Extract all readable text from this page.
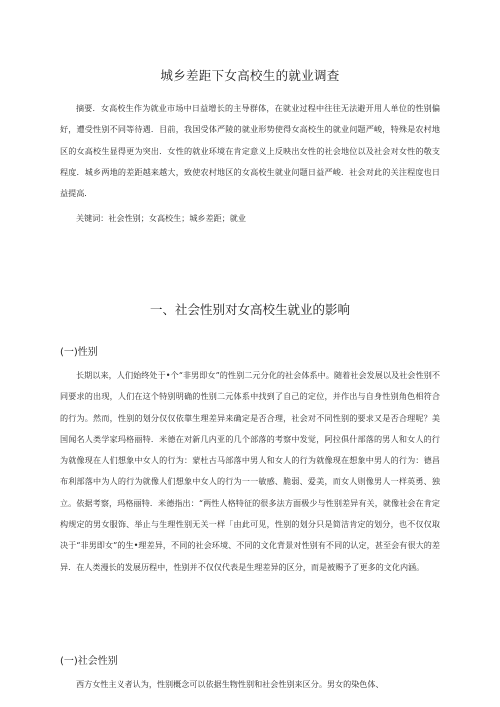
城乡差距下女高校生的就业调查

摘要．女高校生作为就业市场中日益增长的主导群体，在就业过程中往往无法避开用人单位的性别偏好，遭受性别不同等待遇．目前，我国受体严陵的就业形势使得女高校生的就业问题严峻，特殊是农村地区的女高校生显得更为突出．女性的就业环境在肯定意义上反映出女性的社会地位以及社会对女性的敬支程度．城乡两地的差距越来越大，致使农村地区的女高校生就业问题日益严峻．社会对此的关注程度也日益提高．

关键词：社会性别；女高校生；城乡差距；就业

一、社会性别对女高校生就业的影响
(一)性别

长期以来，人们始终处于•个“非男即女”的性别二元分化的社会体系中。随着社会发展以及社会性别不同要求的出现，人们在这个特别明确的性别二元体系中找到了自己的定位，并作出与自身性别角色相符合的行为。然而，性别的划分仅仅依靠生理差异来确定是否合理，社会对不同性别的要求又是否合理呢？美国闻名人类学家玛格丽特．米德在对新几内亚的几个部落的考察中发觉，阿拉俱什部落的男人和女人的行为就像现在人们想象中女人的行为：蒙杜古马部落中男人和女人的行为就像现在想象中男人的行为：德昌布利部落中为人的行为就像人们想象中女人的行为一一敏感、脆弱、爱美，而女人则像男人一样英勇、独立。依据考察，玛格丽特．米德指出：“两性人格特征的很多法方面极少与性别差异有关，就像社会在肯定构规定的男女服饰、举止与生理性别无关一样「由此可见，性别的划分只是简洁肯定的划分，也不仅仅取决于“非男即女”的生•理差异，不同的社会环境、不同的文化背景对性别有不同的认定，甚至会有很大的差异．在人类漫长的发展历程中，性别并不仅仅代表是生理差异的区分，而是被赐予了更多的文化内涵。

(一)社会性别

西方女性主义者认为，性别概念可以依据生物性别和社会性别来区分。男女的染色体、
